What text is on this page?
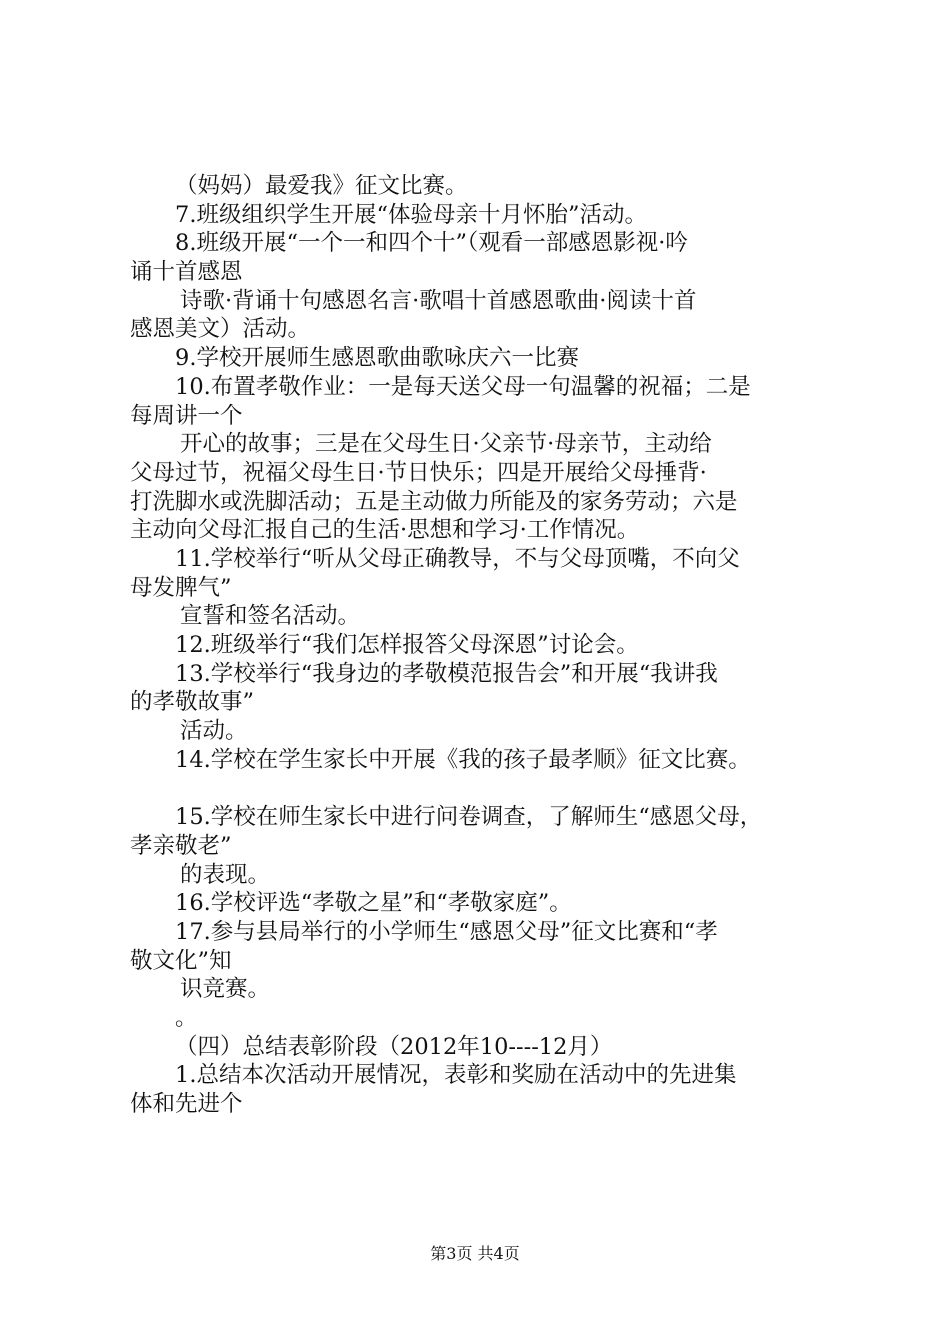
（妈妈）最爱我》征文比赛。
7.班级组织学生开展“体验母亲十月怀胎”活动。
8.班级开展“一个一和四个十”（观看一部感恩影视·吟
诵十首感恩
诗歌·背诵十句感恩名言·歌唱十首感恩歌曲·阅读十首
感恩美文）活动。
9.学校开展师生感恩歌曲歌咏庆六一比赛
10.布置孝敬作业：一是每天送父母一句温馨的祝福；二是
每周讲一个
开心的故事；三是在父母生日·父亲节·母亲节，主动给
父母过节，祝福父母生日·节日快乐；四是开展给父母捶背·
打洗脚水或洗脚活动；五是主动做力所能及的家务劳动；六是
主动向父母汇报自己的生活·思想和学习·工作情况。
11.学校举行“听从父母正确教导，不与父母顶嘴，不向父
母发脾气”
宣誓和签名活动。
12.班级举行“我们怎样报答父母深恩”讨论会。
13.学校举行“我身边的孝敬模范报告会”和开展“我讲我
的孝敬故事”
活动。
14.学校在学生家长中开展《我的孩子最孝顺》征文比赛。
15.学校在师生家长中进行问卷调查，了解师生“感恩父母，
孝亲敬老”
的表现。
16.学校评选“孝敬之星”和“孝敬家庭”。
17.参与县局举行的小学师生“感恩父母”征文比赛和“孝
敬文化”知
识竞赛。
。
（四）总结表彰阶段（2012年10----12月）
1.总结本次活动开展情况，表彰和奖励在活动中的先进集
体和先进个
第3页 共4页
